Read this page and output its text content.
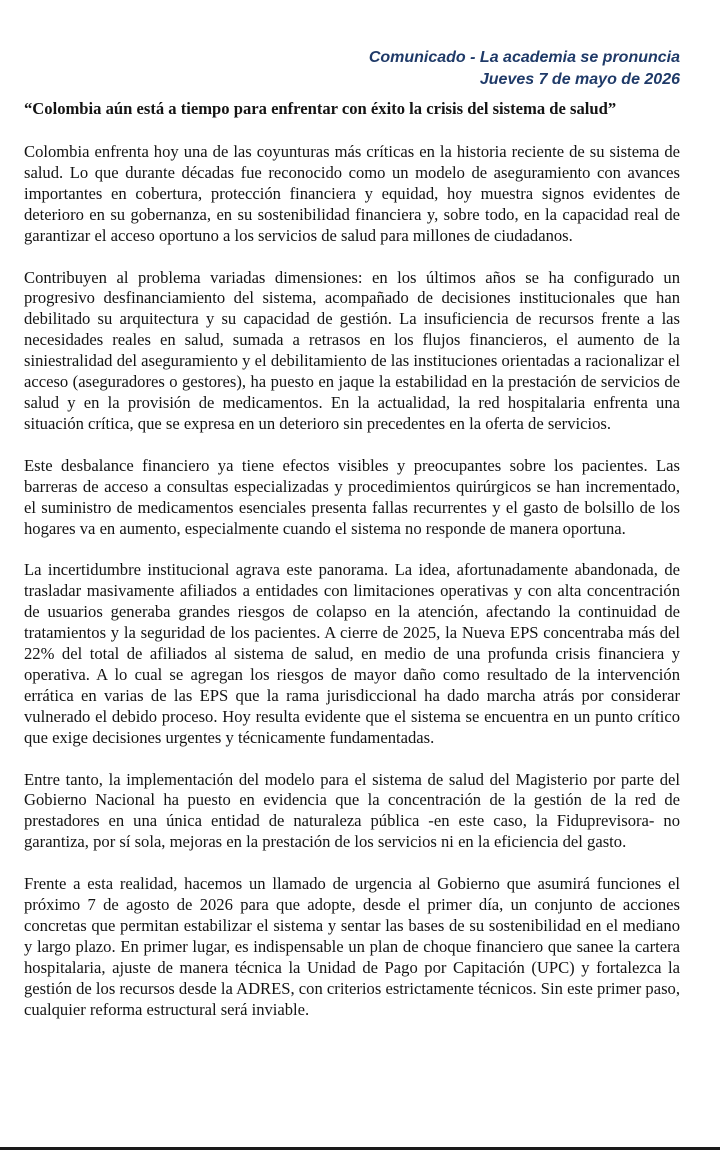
Comunicado - La academia se pronuncia
Jueves 7 de mayo de 2026
“Colombia aún está a tiempo para enfrentar con éxito la crisis del sistema de salud”

Colombia enfrenta hoy una de las coyunturas más críticas en la historia reciente de su sistema de salud. Lo que durante décadas fue reconocido como un modelo de aseguramiento con avances importantes en cobertura, protección financiera y equidad, hoy muestra signos evidentes de deterioro en su gobernanza, en su sostenibilidad financiera y, sobre todo, en la capacidad real de garantizar el acceso oportuno a los servicios de salud para millones de ciudadanos.

Contribuyen al problema variadas dimensiones: en los últimos años se ha configurado un progresivo desfinanciamiento del sistema, acompañado de decisiones institucionales que han debilitado su arquitectura y su capacidad de gestión. La insuficiencia de recursos frente a las necesidades reales en salud, sumada a retrasos en los flujos financieros, el aumento de la siniestralidad del aseguramiento y el debilitamiento de las instituciones orientadas a racionalizar el acceso (aseguradores o gestores), ha puesto en jaque la estabilidad en la prestación de servicios de salud y en la provisión de medicamentos. En la actualidad, la red hospitalaria enfrenta una situación crítica, que se expresa en un deterioro sin precedentes en la oferta de servicios.

Este desbalance financiero ya tiene efectos visibles y preocupantes sobre los pacientes. Las barreras de acceso a consultas especializadas y procedimientos quirúrgicos se han incrementado, el suministro de medicamentos esenciales presenta fallas recurrentes y el gasto de bolsillo de los hogares va en aumento, especialmente cuando el sistema no responde de manera oportuna.

La incertidumbre institucional agrava este panorama. La idea, afortunadamente abandonada, de trasladar masivamente afiliados a entidades con limitaciones operativas y con alta concentración de usuarios generaba grandes riesgos de colapso en la atención, afectando la continuidad de tratamientos y la seguridad de los pacientes. A cierre de 2025, la Nueva EPS concentraba más del 22% del total de afiliados al sistema de salud, en medio de una profunda crisis financiera y operativa. A lo cual se agregan los riesgos de mayor daño como resultado de la intervención errática en varias de las EPS que la rama jurisdiccional ha dado marcha atrás por considerar vulnerado el debido proceso. Hoy resulta evidente que el sistema se encuentra en un punto crítico que exige decisiones urgentes y técnicamente fundamentadas.

Entre tanto, la implementación del modelo para el sistema de salud del Magisterio por parte del Gobierno Nacional ha puesto en evidencia que la concentración de la gestión de la red de prestadores en una única entidad de naturaleza pública -en este caso, la Fiduprevisora- no garantiza, por sí sola, mejoras en la prestación de los servicios ni en la eficiencia del gasto.

Frente a esta realidad, hacemos un llamado de urgencia al Gobierno que asumirá funciones el próximo 7 de agosto de 2026 para que adopte, desde el primer día, un conjunto de acciones concretas que permitan estabilizar el sistema y sentar las bases de su sostenibilidad en el mediano y largo plazo. En primer lugar, es indispensable un plan de choque financiero que sanee la cartera hospitalaria, ajuste de manera técnica la Unidad de Pago por Capitación (UPC) y fortalezca la gestión de los recursos desde la ADRES, con criterios estrictamente técnicos. Sin este primer paso, cualquier reforma estructural será inviable.
